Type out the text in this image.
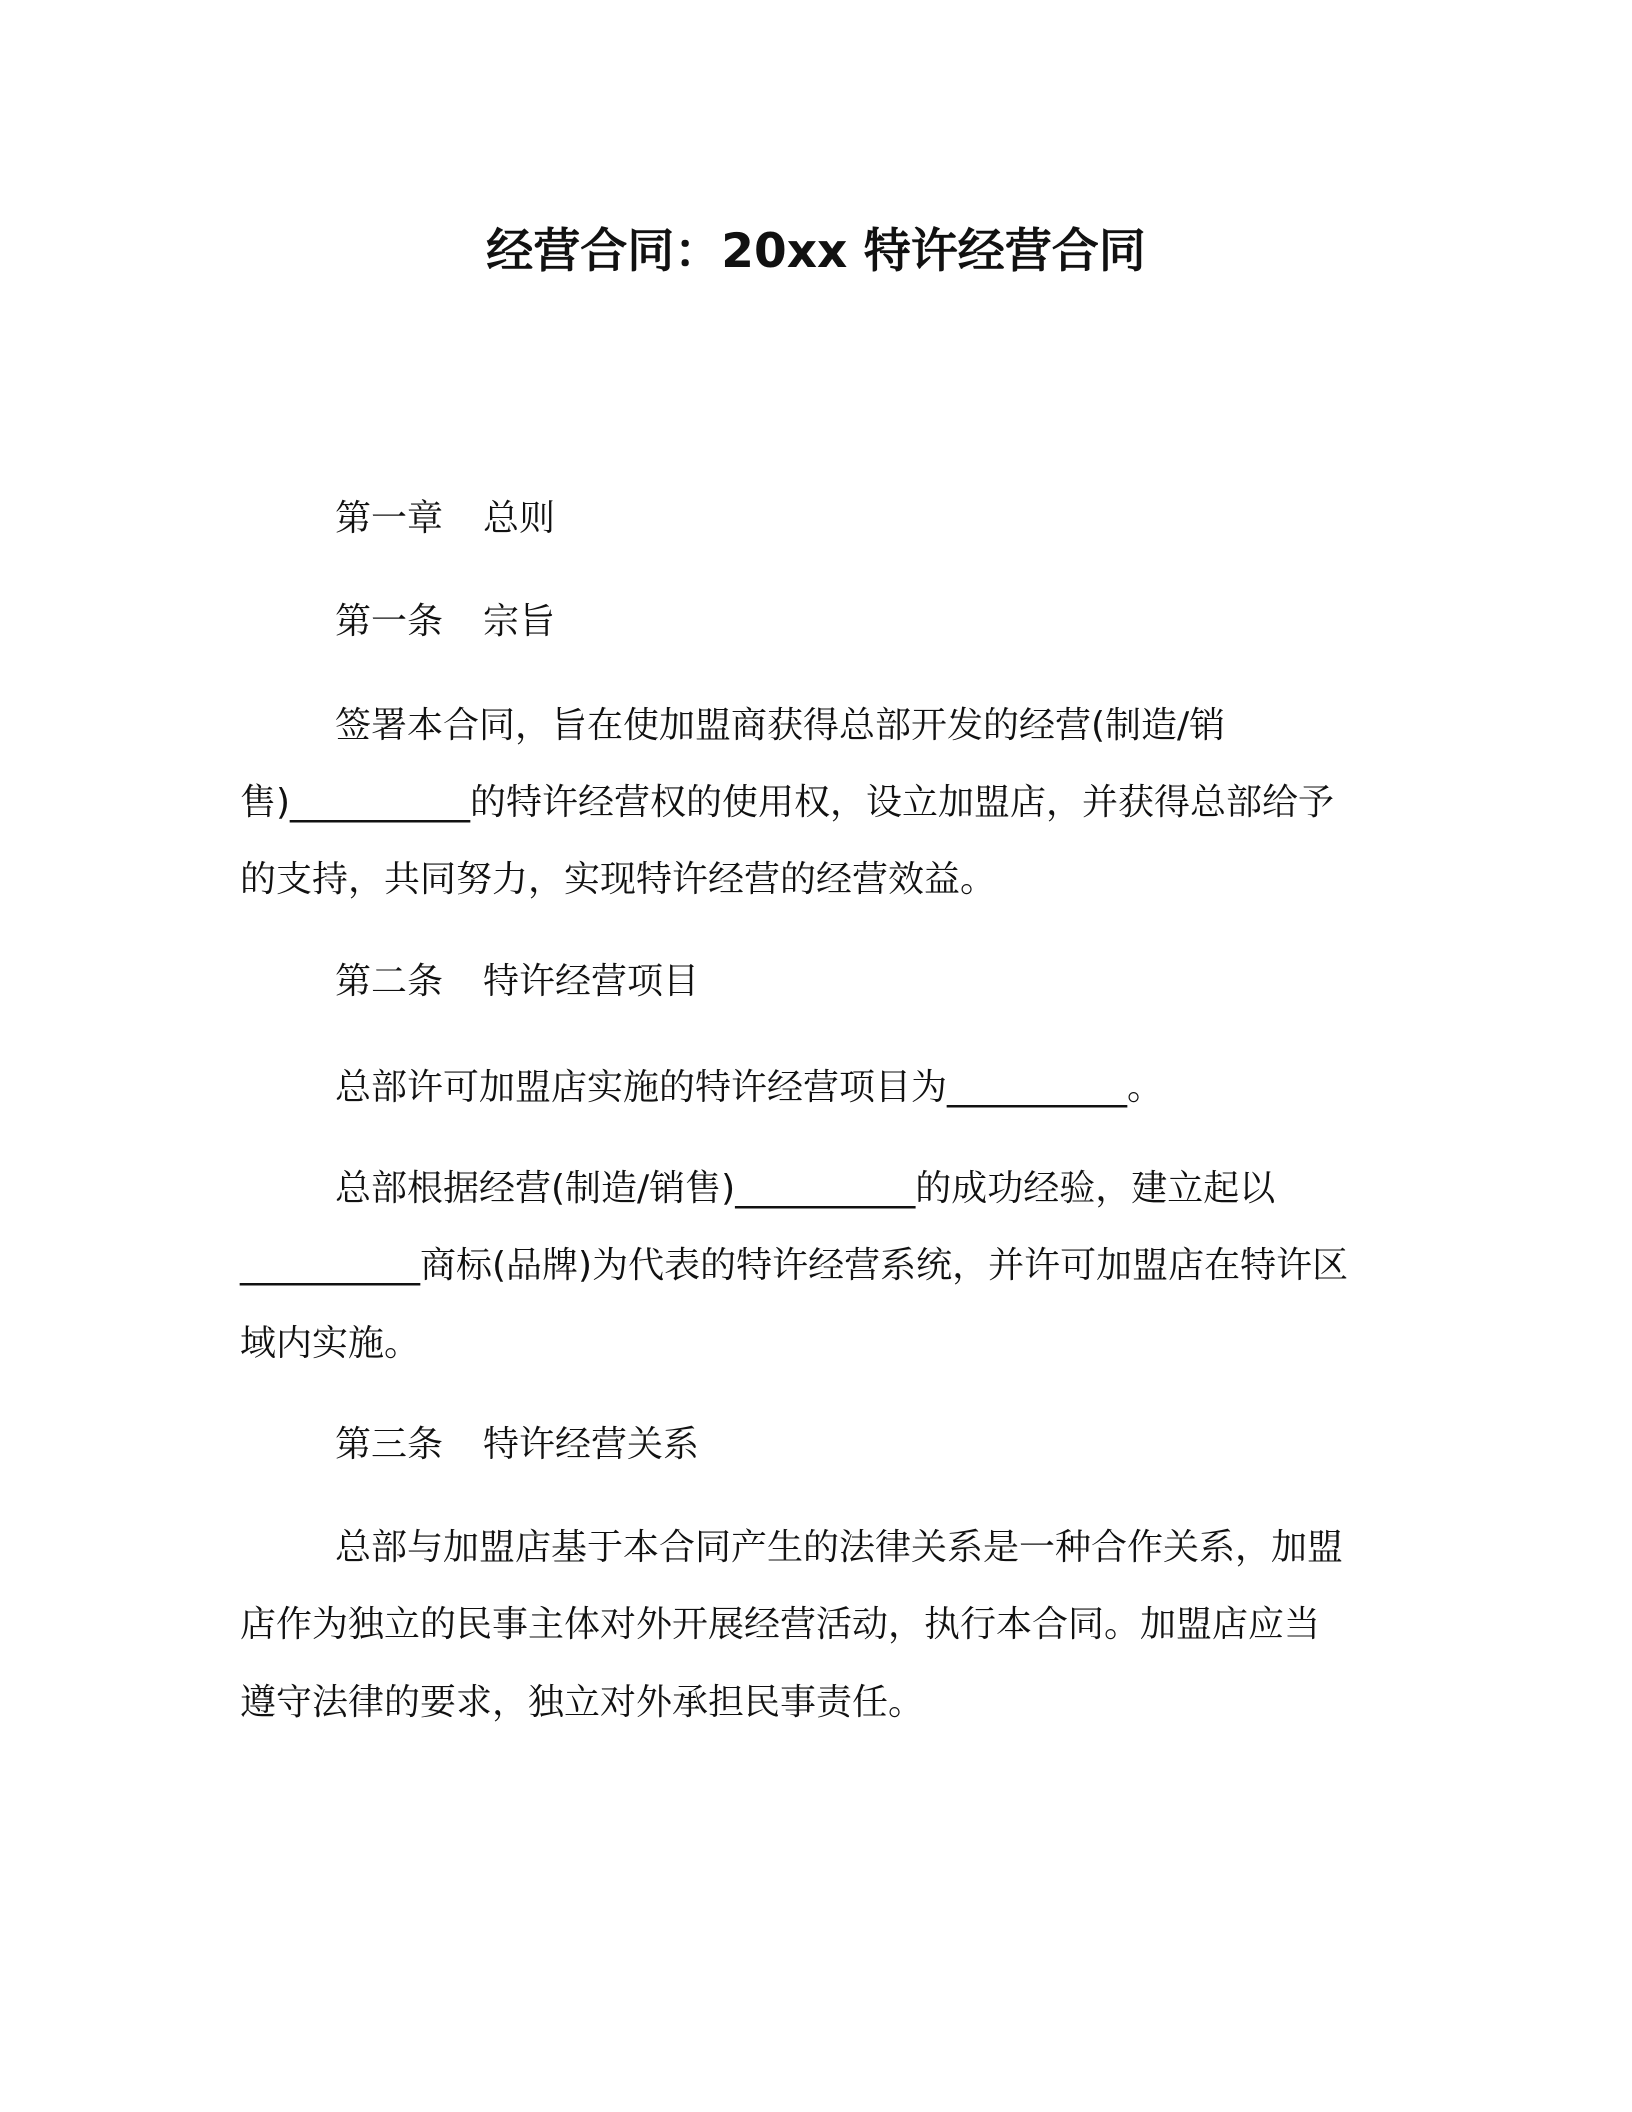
经营合同：20xx 特许经营合同
第一章 总则
第一条 宗旨
签署本合同，旨在使加盟商获得总部开发的经营(制造/销
售)__________的特许经营权的使用权，设立加盟店，并获得总部给予
的支持，共同努力，实现特许经营的经营效益。
第二条 特许经营项目
总部许可加盟店实施的特许经营项目为__________。
总部根据经营(制造/销售)__________的成功经验，建立起以
__________商标(品牌)为代表的特许经营系统，并许可加盟店在特许区
域内实施。
第三条 特许经营关系
总部与加盟店基于本合同产生的法律关系是一种合作关系，加盟
店作为独立的民事主体对外开展经营活动，执行本合同。加盟店应当
遵守法律的要求，独立对外承担民事责任。
